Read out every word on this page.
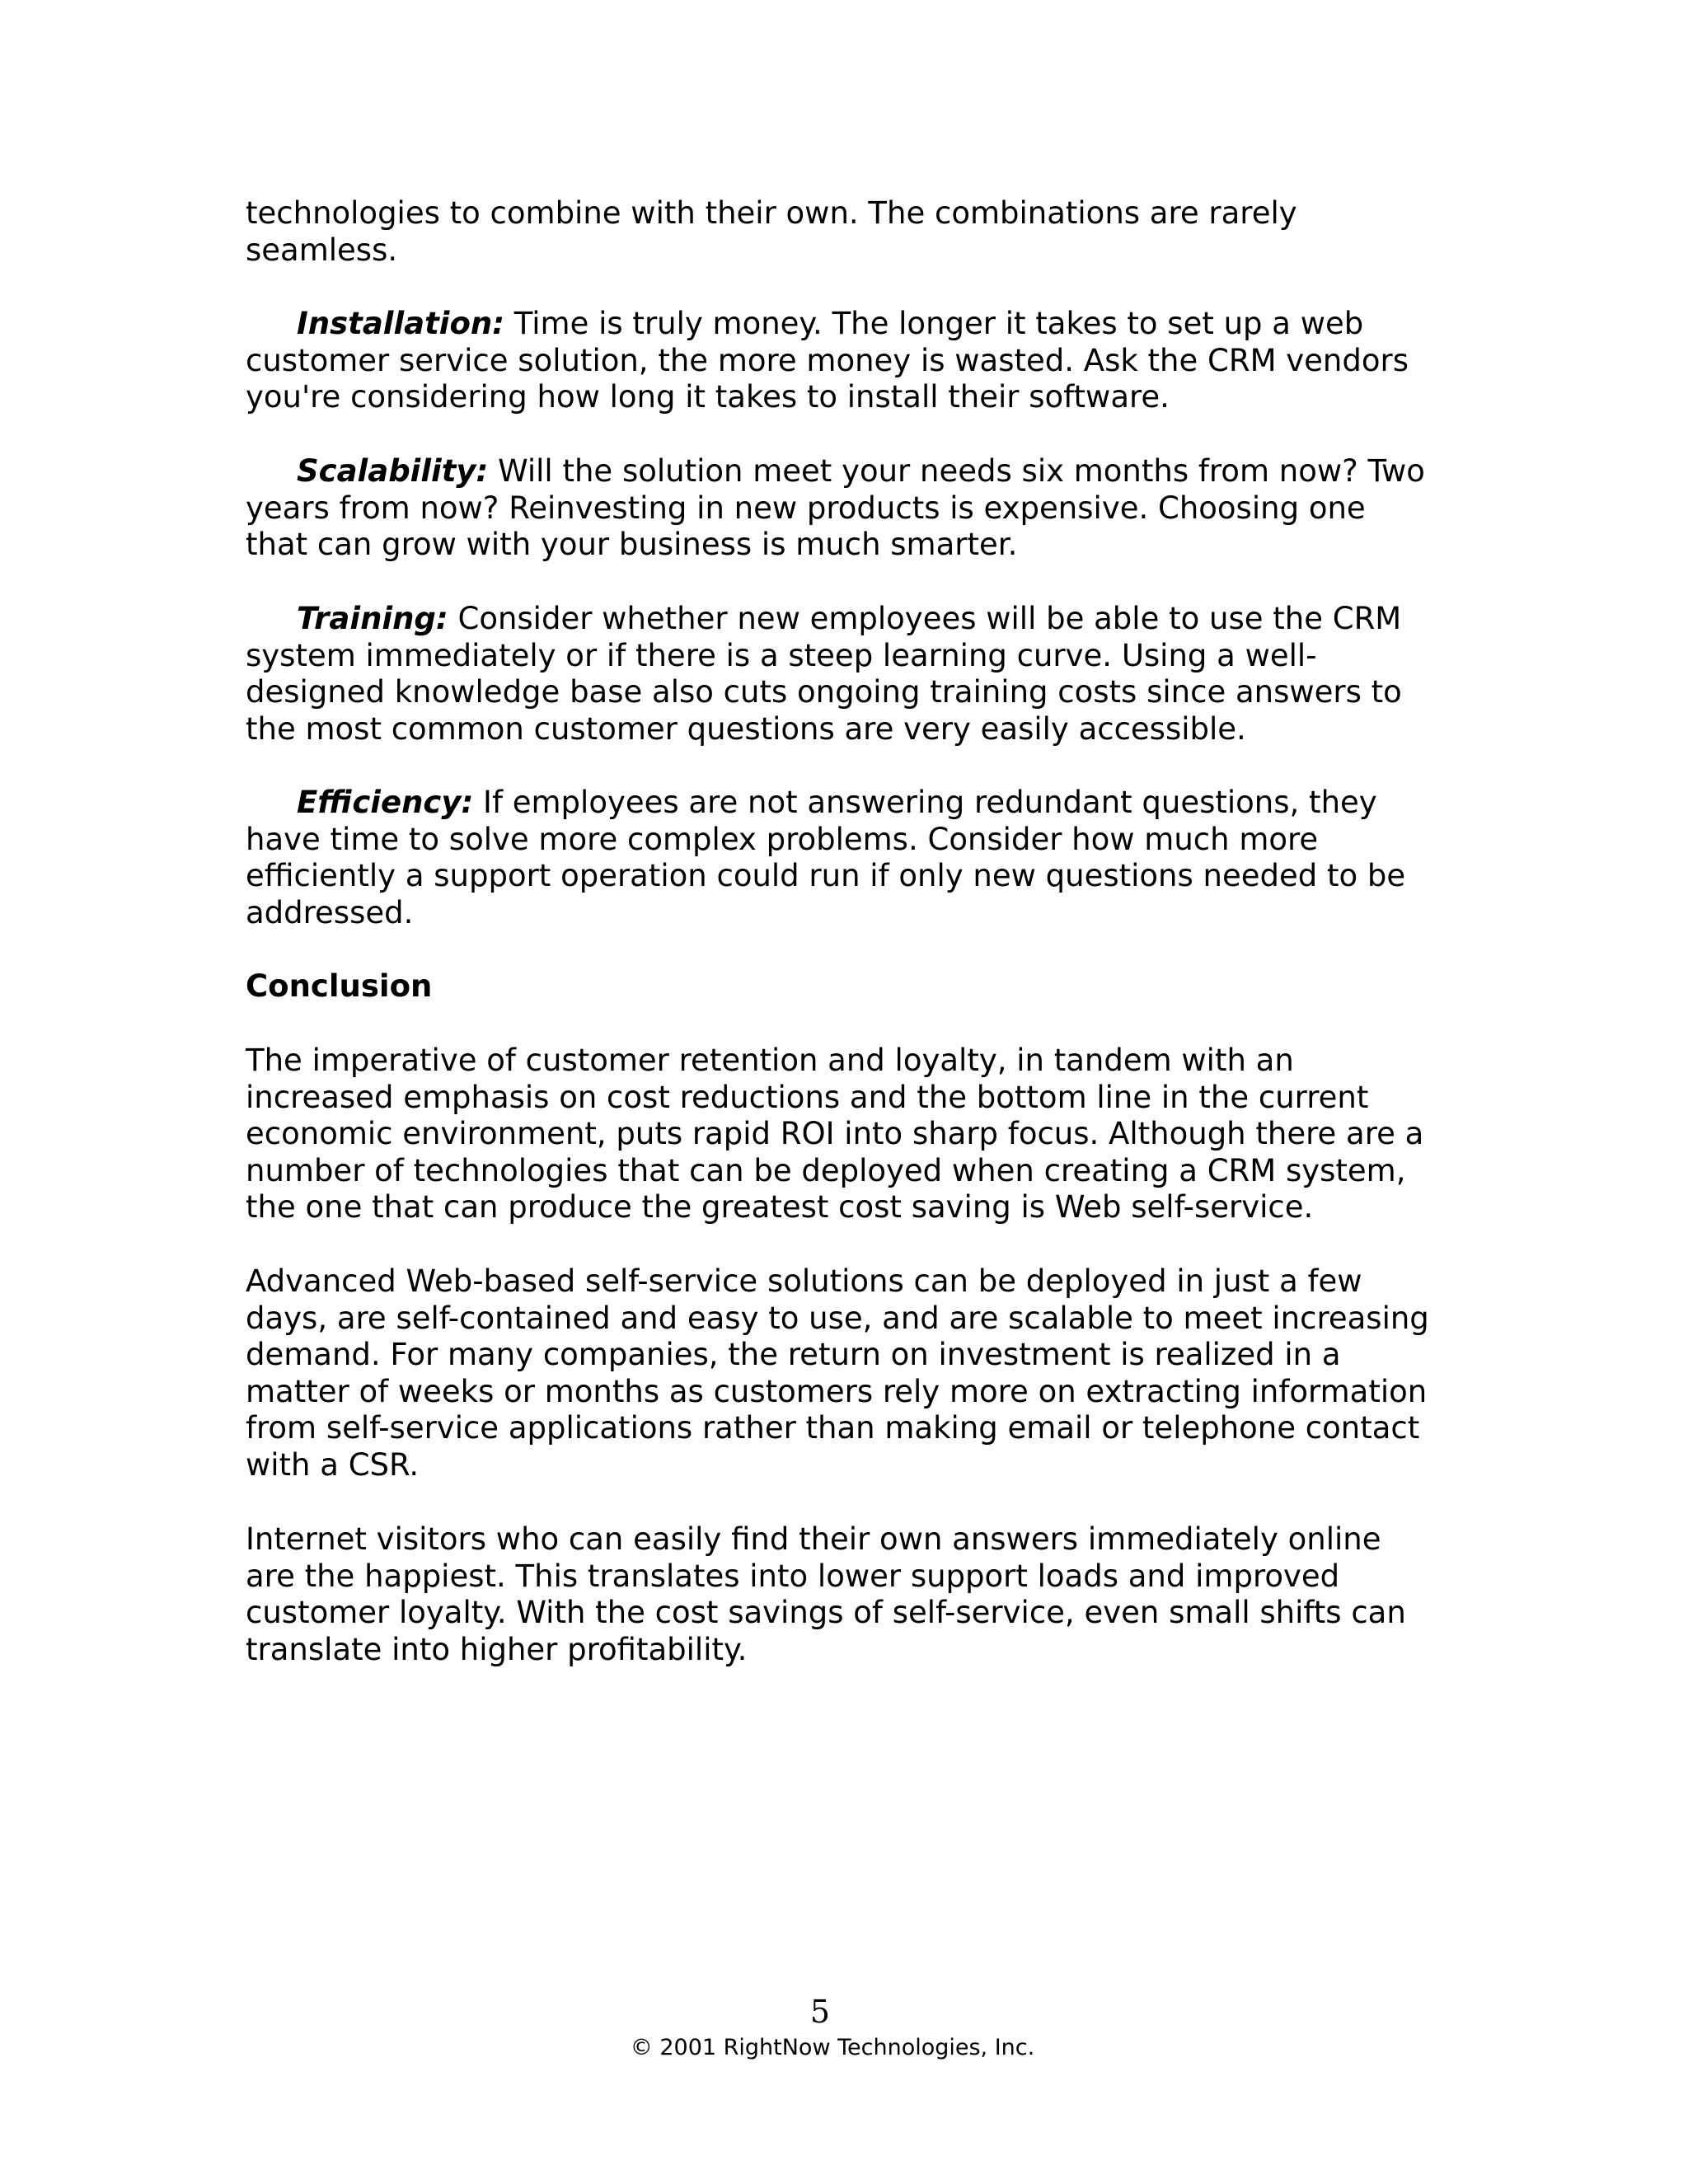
technologies to combine with their own. The combinations are rarely
seamless.

Installation: Time is truly money. The longer it takes to set up a web
customer service solution, the more money is wasted. Ask the CRM vendors
you're considering how long it takes to install their software.

Scalability: Will the solution meet your needs six months from now? Two
years from now? Reinvesting in new products is expensive. Choosing one
that can grow with your business is much smarter.

Training: Consider whether new employees will be able to use the CRM
system immediately or if there is a steep learning curve. Using a well-
designed knowledge base also cuts ongoing training costs since answers to
the most common customer questions are very easily accessible.

Efficiency: If employees are not answering redundant questions, they
have time to solve more complex problems. Consider how much more
efficiently a support operation could run if only new questions needed to be
addressed.

Conclusion

The imperative of customer retention and loyalty, in tandem with an
increased emphasis on cost reductions and the bottom line in the current
economic environment, puts rapid ROI into sharp focus. Although there are a
number of technologies that can be deployed when creating a CRM system,
the one that can produce the greatest cost saving is Web self-service.

Advanced Web-based self-service solutions can be deployed in just a few
days, are self-contained and easy to use, and are scalable to meet increasing
demand. For many companies, the return on investment is realized in a
matter of weeks or months as customers rely more on extracting information
from self-service applications rather than making email or telephone contact
with a CSR.

Internet visitors who can easily find their own answers immediately online
are the happiest. This translates into lower support loads and improved
customer loyalty. With the cost savings of self-service, even small shifts can
translate into higher profitability.

5
© 2001 RightNow Technologies, Inc.
